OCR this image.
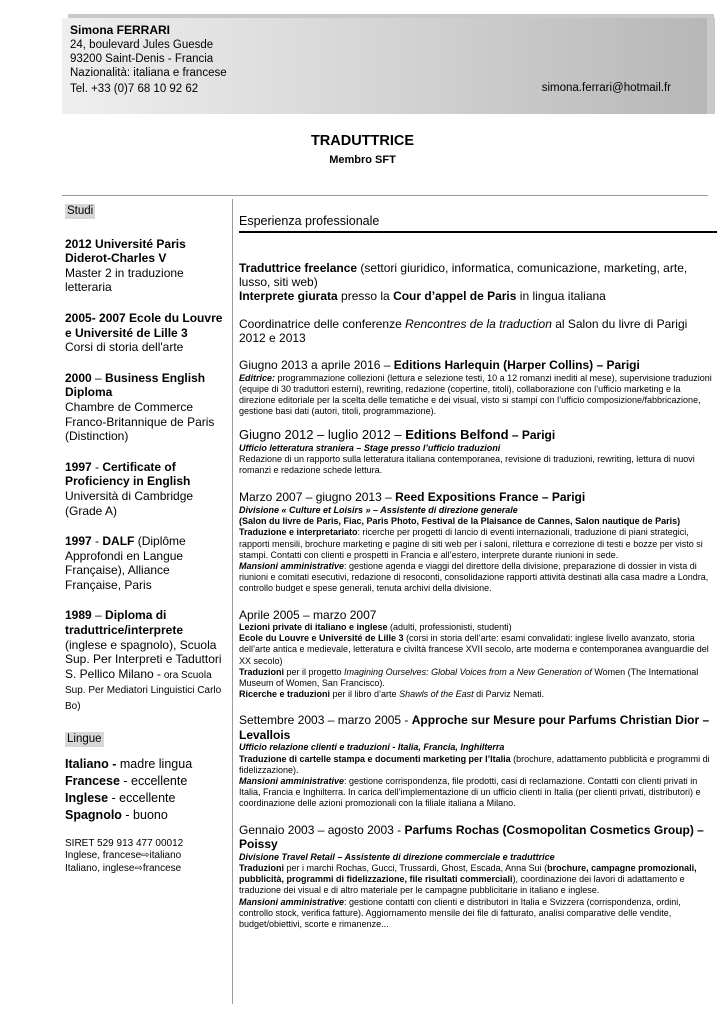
Simona FERRARI
24, boulevard Jules Guesde
93200 Saint-Denis - Francia
Nazionalità: italiana e francese
Tel. +33 (0)7 68 10 92 62	simona.ferrari@hotmail.fr
TRADUTTRICE
Membro SFT
Studi
2012 Université Paris Diderot-Charles V
Master 2 in traduzione letteraria
2005- 2007 Ecole du Louvre e Université de Lille 3
Corsi di storia dell'arte
2000 – Business English Diploma
Chambre de Commerce Franco-Britannique de Paris (Distinction)
1997 - Certificate of Proficiency in English
Università di Cambridge (Grade A)
1997 - DALF (Diplôme Approfondi en Langue Française), Alliance Française, Paris
1989 – Diploma di traduttrice/interprete (inglese e spagnolo), Scuola Sup. Per Interpreti e Taduttori S. Pellico Milano - ora Scuola Sup. Per Mediatori Linguistici Carlo Bo)
Lingue
Italiano - madre lingua
Francese - eccellente
Inglese - eccellente
Spagnolo - buono
SIRET 529 913 477 00012
Inglese, francese⇨italiano
Italiano, inglese⇨francese
Esperienza professionale
Traduttrice freelance (settori giuridico, informatica, comunicazione, marketing, arte, lusso, siti web)
Interprete giurata presso la Cour d’appel de Paris in lingua italiana
Coordinatrice delle conferenze Rencontres de la traduction al Salon du livre di Parigi 2012 e 2013
Giugno 2013 a aprile 2016 – Editions Harlequin (Harper Collins) – Parigi
Editrice: programmazione collezioni (lettura e selezione testi, 10 a 12 romanzi inediti al mese), supervisione traduzioni (equipe di 30 traduttori esterni), rewriting, redazione (copertine, titoli), collaborazione con l’ufficio marketing e la direzione editoriale per la scelta delle tematiche e dei visual, visto si stampi con l’ufficio composizione/fabbricazione, gestione basi dati (autori, titoli, programmazione).
Giugno 2012 – luglio 2012 – Editions Belfond – Parigi
Ufficio letteratura straniera – Stage presso l’ufficio traduzioni
Redazione di un rapporto sulla letteratura italiana contemporanea, revisione di traduzioni, rewriting, lettura di nuovi romanzi e redazione schede lettura.
Marzo 2007 – giugno 2013 – Reed Expositions France – Parigi
Divisione « Culture et Loisirs » – Assistente di direzione generale
(Salon du livre de Paris, Fiac, Paris Photo, Festival de la Plaisance de Cannes, Salon nautique de Paris)
Traduzione e interpretariato: ricerche per progetti di lancio di eventi internazionali, traduzione di piani strategici, rapporti mensili, brochure marketing e pagine di siti web per i saloni, rilettura e correzione di testi e bozze per visto si stampi. Contatti con clienti e prospetti in Francia e all’estero, interprete durante riunioni in sede.
Mansioni amministrative: gestione agenda e viaggi del direttore della divisione, preparazione di dossier in vista di riunioni e comitati esecutivi, redazione di resoconti, consolidazione rapporti attività destinati alla casa madre a Londra, controllo budget e spese generali, tenuta archivi della divisione.
Aprile 2005 – marzo 2007
Lezioni private di italiano e inglese (adulti, professionisti, studenti)
Ecole du Louvre e Université de Lille 3 (corsi in storia dell’arte: esami convalidati: inglese livello avanzato, storia dell’arte antica e medievale, letteratura e civiltà francese XVII secolo, arte moderna e contemporanea avanguardie del XX secolo)
Traduzioni per il progetto Imagining Ourselves: Global Voices from a New Generation of Women (The International Museum of Women, San Francisco).
Ricerche e traduzioni per il libro d’arte Shawls of the East di Parviz Nemati.
Settembre 2003 – marzo 2005 - Approche sur Mesure pour Parfums Christian Dior – Levallois
Ufficio relazione clienti e traduzioni - Italia, Francia, Inghilterra
Traduzione di cartelle stampa e documenti marketing per l’Italia (brochure, adattamento pubblicità e programmi di fidelizzazione).
Mansioni amministrative: gestione corrispondenza, file prodotti, casi di reclamazione. Contatti con clienti privati in Italia, Francia e Inghilterra. In carica dell’implementazione di un ufficio clienti in Italia (per clienti privati, distributori) e coordinazione delle azioni promozionali con la filiale italiana a Milano.
Gennaio 2003 – agosto 2003 - Parfums Rochas (Cosmopolitan Cosmetics Group) – Poissy
Divisione Travel Retail – Assistente di direzione commerciale e traduttrice
Traduzioni per i marchi Rochas, Gucci, Trussardi, Ghost, Escada, Anna Sui (brochure, campagne promozionali, pubblicità, programmi di fidelizzazione, file risultati commerciali), coordinazione dei lavori di adattamento e traduzione dei visual e di altro materiale per le campagne pubblicitarie in italiano e inglese.
Mansioni amministrative: gestione contatti con clienti e distributori in Italia e Svizzera (corrispondenza, ordini, controllo stock, verifica fatture). Aggiornamento mensile dei file di fatturato, analisi comparative delle vendite, budget/obiettivi, scorte e rimanenze...
